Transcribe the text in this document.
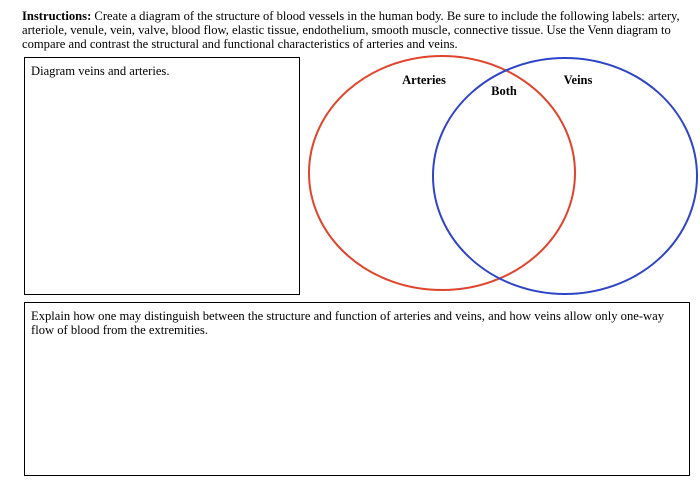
Instructions: Create a diagram of the structure of blood vessels in the human body. Be sure to include the following labels: artery, arteriole, venule, vein, valve, blood flow, elastic tissue, endothelium, smooth muscle, connective tissue. Use the Venn diagram to compare and contrast the structural and functional characteristics of arteries and veins.
Diagram veins and arteries.
Arteries
Both
Veins
Explain how one may distinguish between the structure and function of arteries and veins, and how veins allow only one-way flow of blood from the extremities.
